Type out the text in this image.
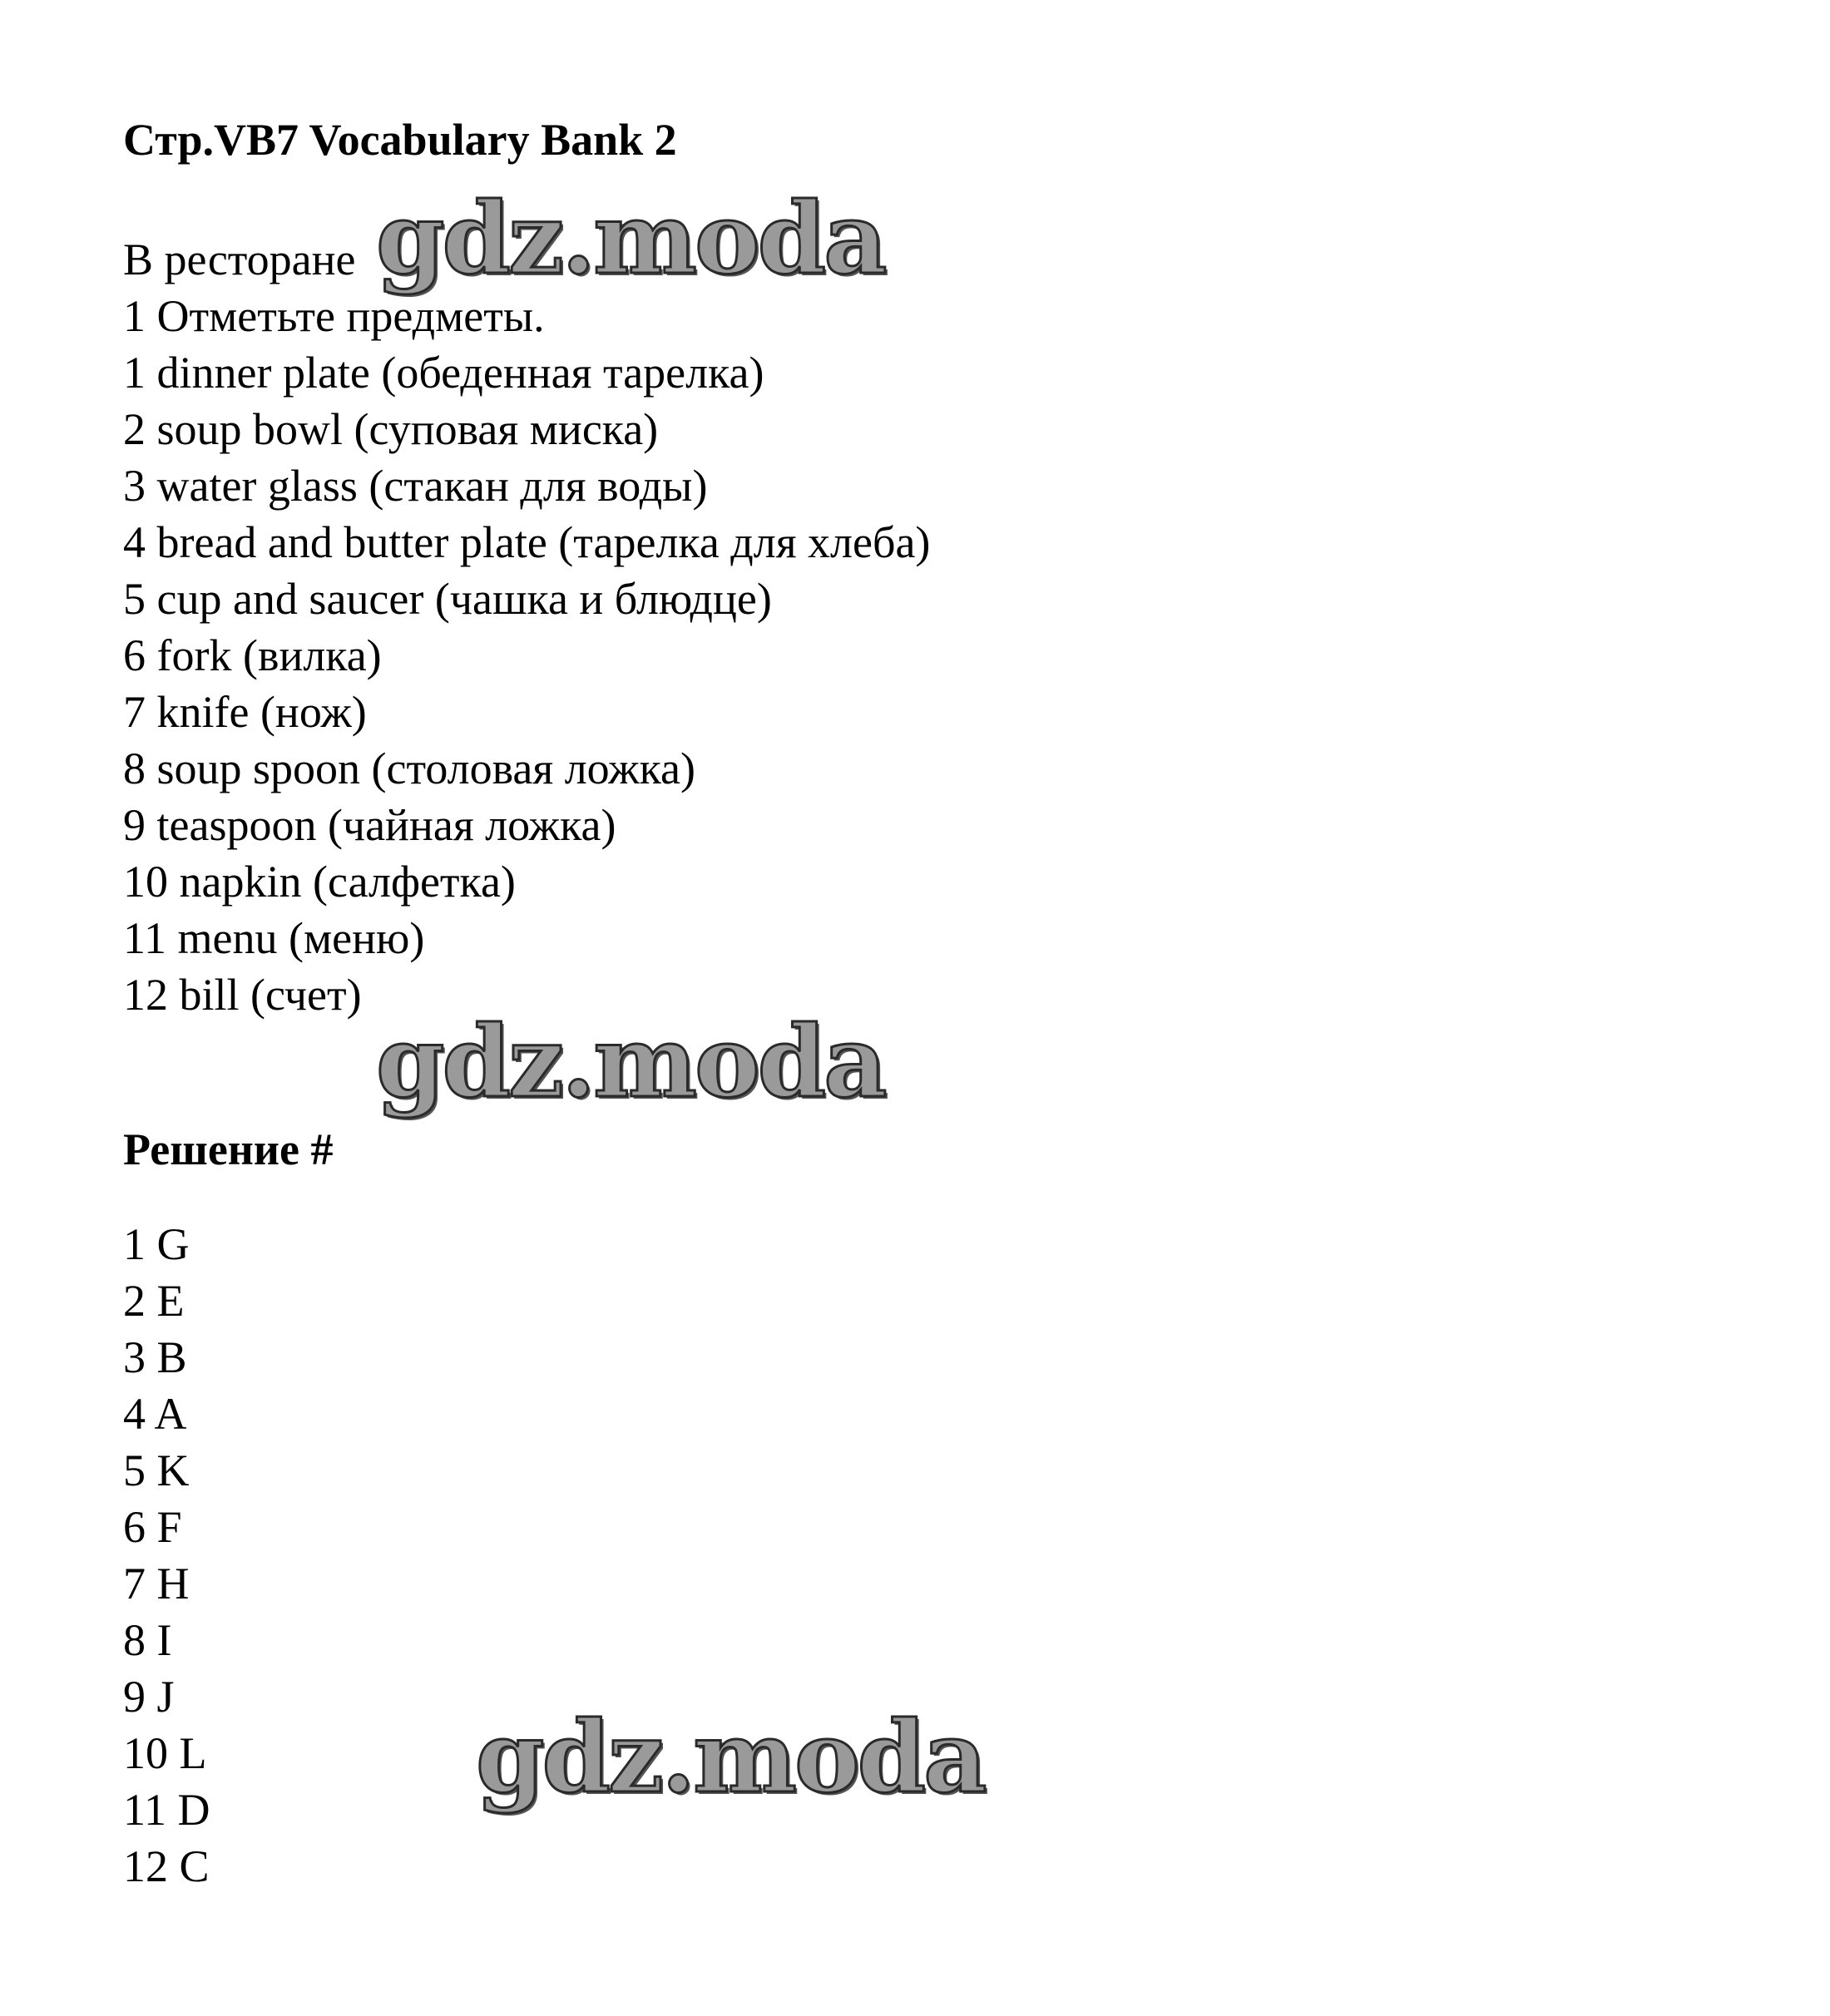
Стр.VB7 Vocabulary Bank 2
В ресторане
1 Отметьте предметы.
1 dinner plate (обеденная тарелка)
2 soup bowl (суповая миска)
3 water glass (стакан для воды)
4 bread and butter plate (тарелка для хлеба)
5 cup and saucer (чашка и блюдце)
6 fork (вилка)
7 knife (нож)
8 soup spoon (столовая ложка)
9 teaspoon (чайная ложка)
10 napkin (салфетка)
11 menu (меню)
12 bill (счет)
Решение #
1 G
2 E
3 B
4 A
5 K
6 F
7 H
8 I
9 J
10 L
11 D
12 C
gdz.moda
gdz.moda
gdz.moda
